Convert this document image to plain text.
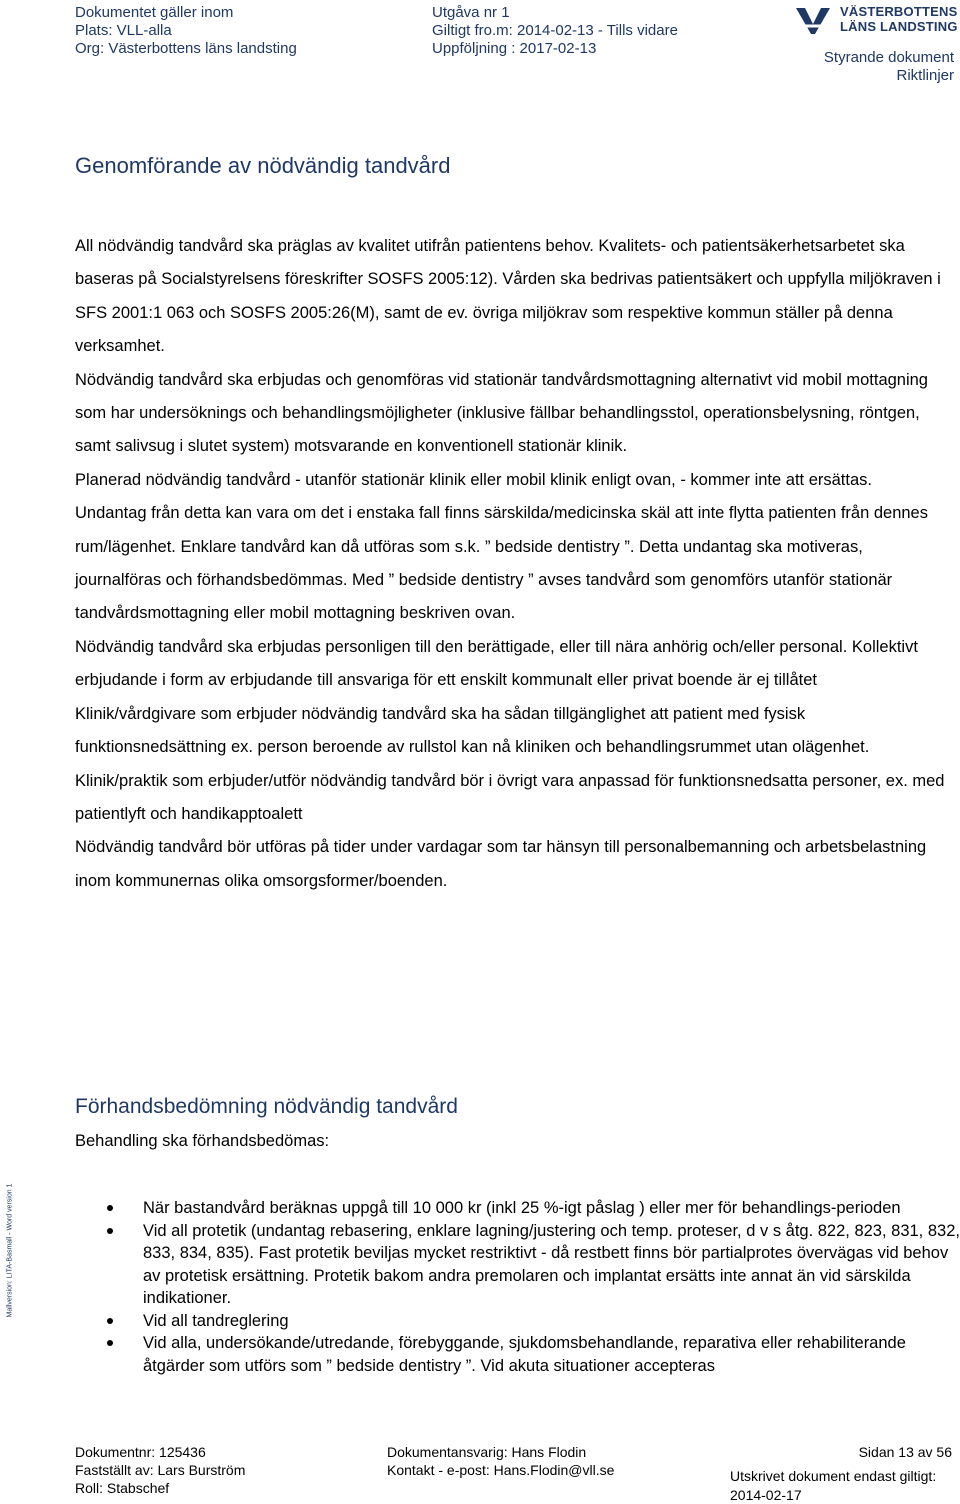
Dokumentet gäller inom
Plats: VLL-alla
Org: Västerbottens läns landsting
Utgåva nr 1
Giltigt fro.m: 2014-02-13 - Tills vidare
Uppföljning : 2017-02-13
VÄSTERBOTTENS
LÄNS LANDSTING
Styrande dokument
Riktlinjer
Genomförande av nödvändig tandvård

All nödvändig tandvård ska präglas av kvalitet utifrån patientens behov. Kvalitets- och patientsäkerhetsarbetet ska baseras på Socialstyrelsens föreskrifter SOSFS 2005:12). Vården ska bedrivas patientsäkert och uppfylla miljökraven i SFS 2001:1 063 och SOSFS 2005:26(M), samt de ev. övriga miljökrav som respektive kommun ställer på denna verksamhet.

Nödvändig tandvård ska erbjudas och genomföras vid stationär tandvårdsmottagning alternativt vid mobil mottagning som har undersöknings och behandlingsmöjligheter (inklusive fällbar behandlingsstol, operationsbelysning, röntgen, samt salivsug i slutet system) motsvarande en konventionell stationär klinik.

Planerad nödvändig tandvård - utanför stationär klinik eller mobil klinik enligt ovan, - kommer inte att ersättas.

Undantag från detta kan vara om det i enstaka fall finns särskilda/medicinska skäl att inte flytta patienten från dennes rum/lägenhet. Enklare tandvård kan då utföras som s.k. ” bedside dentistry ”. Detta undantag ska motiveras, journalföras och förhandsbedömmas. Med ” bedside dentistry ” avses tandvård som genomförs utanför stationär tandvårdsmottagning eller mobil mottagning beskriven ovan.

Nödvändig tandvård ska erbjudas personligen till den berättigade, eller till nära anhörig och/eller personal. Kollektivt erbjudande i form av erbjudande till ansvariga för ett enskilt kommunalt eller privat boende är ej tillåtet

Klinik/vårdgivare som erbjuder nödvändig tandvård ska ha sådan tillgänglighet att patient med fysisk funktionsnedsättning ex. person beroende av rullstol kan nå kliniken och behandlingsrummet utan olägenhet.

Klinik/praktik som erbjuder/utför nödvändig tandvård bör i övrigt vara anpassad för funktionsnedsatta personer, ex. med patientlyft och handikapptoalett

Nödvändig tandvård bör utföras på tider under vardagar som tar hänsyn till personalbemanning och arbetsbelastning inom kommunernas olika omsorgsformer/boenden.

Förhandsbedömning nödvändig tandvård
Behandling ska förhandsbedömas:
När bastandvård beräknas uppgå till 10 000 kr (inkl 25 %-igt påslag ) eller mer för behandlings-perioden
Vid all protetik (undantag rebasering, enklare lagning/justering och temp. proteser, d v s åtg. 822, 823, 831, 832, 833, 834, 835). Fast protetik beviljas mycket restriktivt - då restbett finns bör partialprotes övervägas vid behov av protetisk ersättning. Protetik bakom andra premolaren och implantat ersätts inte annat än vid särskilda indikationer.
Vid all tandreglering
Vid alla, undersökande/utredande, förebyggande, sjukdomsbehandlande, reparativa eller rehabiliterande åtgärder som utförs som ” bedside dentistry ”. Vid akuta situationer accepteras
Mallversion: LITA-Basmall - Word version 1
Dokumentnr: 125436
Fastställt av: Lars Burström
Roll: Stabschef
Dokumentansvarig: Hans Flodin
Kontakt - e-post: Hans.Flodin@vll.se
Sidan 13 av 56
Utskrivet dokument endast giltigt:
2014-02-17
